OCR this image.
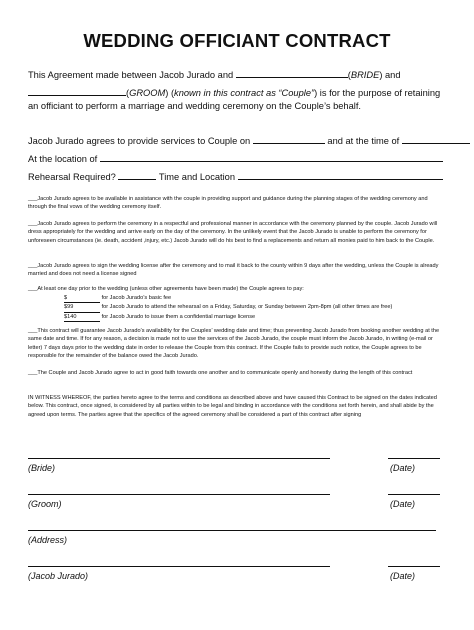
WEDDING OFFICIANT CONTRACT
This Agreement made between Jacob Jurado and	(BRIDE) and
(GROOM) (known in this contract as “Couple”) is for the purpose of retaining
an officiant to perform a marriage and wedding ceremony on the Couple’s behalf.
Jacob Jurado agrees to provide services to Couple on	and at the time of
At the location of
Rehearsal Required?	Time and Location

___Jacob Jurado agrees to be available in assistance with the couple in providing support and guidance during the planning stages of the wedding ceremony and through the final vows of the wedding ceremony itself.

___Jacob Jurado agrees to perform the ceremony in a respectful and professional manner in accordance with the ceremony planned by the couple. Jacob Jurado will dress appropriately for the wedding and arrive early on the day of the ceremony. In the unlikely event that the Jacob Jurado is unable to perform the ceremony for unforeseen circumstances (ie. death, accident ,injury, etc.) Jacob Jurado will do his best to find a replacements and return all monies paid to him back to the Couple.

___Jacob Jurado agrees to sign the wedding license after the ceremony and to mail it back to the county within 9 days after the wedding, unless the Couple is already married and does not need a license signed

___At least one day prior to the wedding (unless other agreements have been made) the Couple agrees to pay:

$	for Jacob Jurado’s basic fee

$99	for Jacob Jurado to attend the rehearsal on a Friday, Saturday, or Sunday between 2pm-8pm (all other times are free)

$140	for Jacob Jurado to issue them a confidential marriage license

___This contract will guarantee Jacob Jurado’s availability for the Couples’ wedding date and time; thus preventing Jacob Jurado from booking another wedding at the same date and time. If for any reason, a decision is made not to use the services of the Jacob Jurado, the couple must inform the Jacob Jurado, in writing (e-mail or letter) 7 days days prior to the wedding date in order to release the Couple from this contract. If the Couple fails to provide such notice, the Couple agrees to be responsible for the remainder of the balance owed the Jacob Jurado.

___The Couple and Jacob Jurado agree to act in good faith towards one another and to communicate openly and honestly during the length of this contract

IN WITNESS WHEREOF, the parties hereto agree to the terms and conditions as described above and have caused this Contract to be signed on the dates indicated below. This contract, once signed, is considered by all parties within to be legal and binding in accordance with the conditions set forth herein, and shall abide by the agreed upon terms. The parties agree that the specifics of the agreed ceremony shall be considered a part of this contract after signing

(Bride)	(Date)
(Groom)	(Date)
(Address)
(Jacob Jurado)	(Date)
